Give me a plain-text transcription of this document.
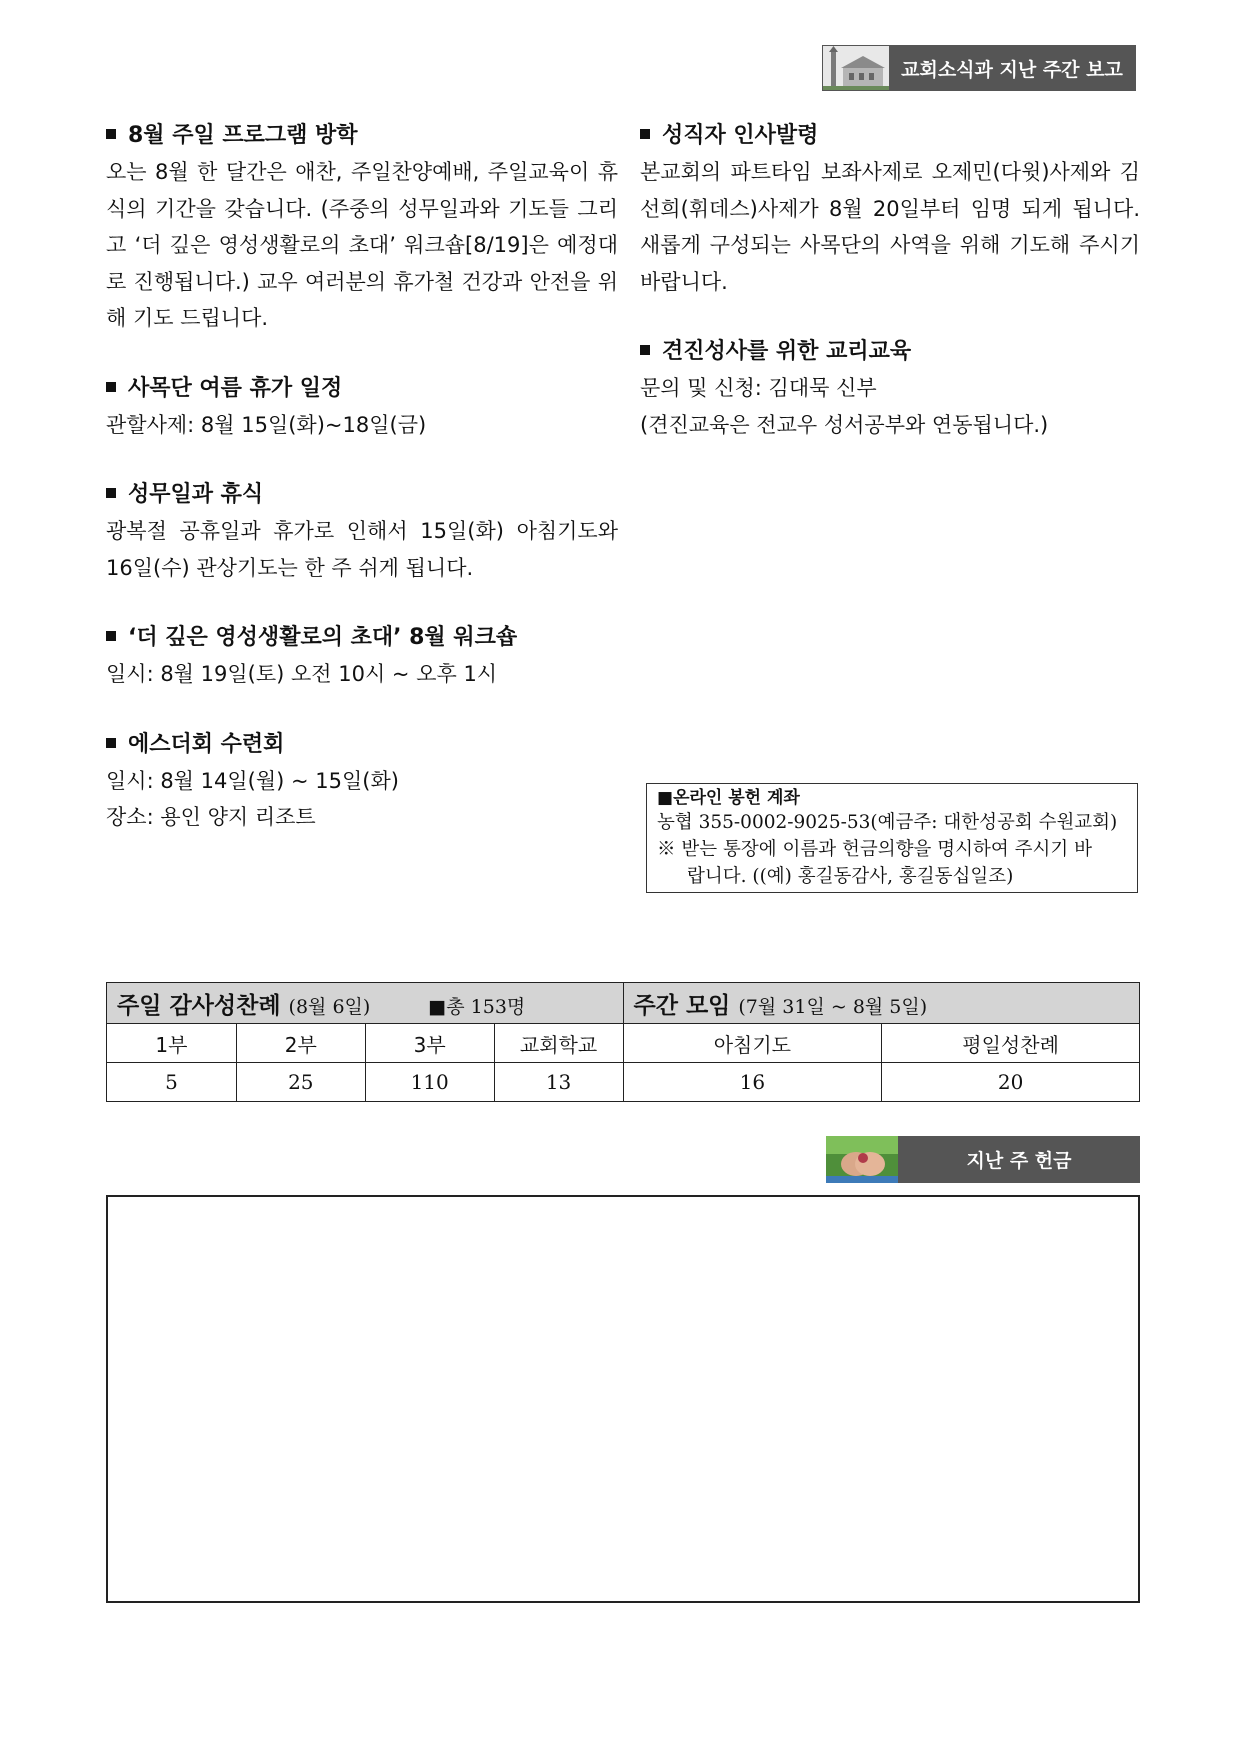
교회소식과 지난 주간 보고
8월 주일 프로그램 방학

오는 8월 한 달간은 애찬, 주일찬양예배, 주일교육이 휴식의 기간을 갖습니다. (주중의 성무일과와 기도들 그리고 ‘더 깊은 영성생활로의 초대’ 워크숍[8/19]은 예정대로 진행됩니다.) 교우 여러분의 휴가철 건강과 안전을 위해 기도 드립니다.

사목단 여름 휴가 일정

관할사제: 8월 15일(화)~18일(금)

성무일과 휴식

광복절 공휴일과 휴가로 인해서 15일(화) 아침기도와 16일(수) 관상기도는 한 주 쉬게 됩니다.

‘더 깊은 영성생활로의 초대’ 8월 워크숍

일시: 8월 19일(토) 오전 10시 ~ 오후 1시

에스더회 수련회

일시: 8월 14일(월) ~ 15일(화)

장소: 용인 양지 리조트

성직자 인사발령

본교회의 파트타임 보좌사제로 오제민(다윗)사제와 김선희(휘데스)사제가 8월 20일부터 임명 되게 됩니다. 새롭게 구성되는 사목단의 사역을 위해 기도해 주시기 바랍니다.

견진성사를 위한 교리교육

문의 및 신청: 김대묵 신부

(견진교육은 전교우 성서공부와 연동됩니다.)

■온라인 봉헌 계좌
농협 355-0002-9025-53(예금주: 대한성공회 수원교회)
※ 받는 통장에 이름과 헌금의향을 명시하여 주시기 바
랍니다. ((예) 홍길동감사, 홍길동십일조)
주일 감사성찬례 (8월 6일) ■총 153명				주간 모임 (7월 31일 ~ 8월 5일)	
1부	2부	3부	교회학교	아침기도	평일성찬례
5	25	110	13	16	20
지난 주 헌금
